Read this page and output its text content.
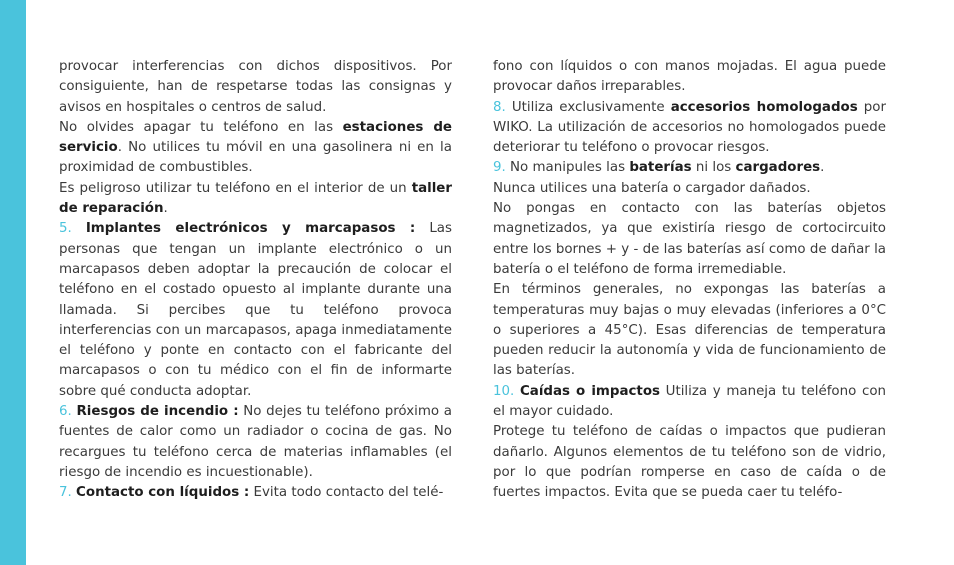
provocar interferencias con dichos dispositivos. Por consiguiente, han de respetarse todas las consignas y avisos en hospitales o centros de salud.

No olvides apagar tu teléfono en las estaciones de servicio. No utilices tu móvil en una gasolinera ni en la proximidad de combustibles.

Es peligroso utilizar tu teléfono en el interior de un taller de reparación.

5. Implantes electrónicos y marcapasos : Las personas que tengan un implante electrónico o un marcapasos deben adoptar la precaución de colocar el teléfono en el costado opuesto al implante durante una llamada. Si percibes que tu teléfono provoca interferencias con un marcapasos, apaga inmediatamente el teléfono y ponte en contacto con el fabricante del marcapasos o con tu médico con el fin de informarte sobre qué conducta adoptar.

6. Riesgos de incendio : No dejes tu teléfono próximo a fuentes de calor como un radiador o cocina de gas. No recargues tu teléfono cerca de materias inflamables (el riesgo de incendio es incuestionable).

7. Contacto con líquidos : Evita todo contacto del telé-

fono con líquidos o con manos mojadas. El agua puede provocar daños irreparables.

8. Utiliza exclusivamente accesorios homologados por WIKO. La utilización de accesorios no homologados puede deteriorar tu teléfono o provocar riesgos.

9. No manipules las baterías ni los cargadores.

Nunca utilices una batería o cargador dañados.

No pongas en contacto con las baterías objetos magnetizados, ya que existiría riesgo de cortocircuito entre los bornes + y - de las baterías así como de dañar la batería o el teléfono de forma irremediable.

En términos generales, no expongas las baterías a temperaturas muy bajas o muy elevadas (inferiores a 0°C o superiores a 45°C). Esas diferencias de temperatura pueden reducir la autonomía y vida de funcionamiento de las baterías.

10. Caídas o impactos Utiliza y maneja tu teléfono con el mayor cuidado.

Protege tu teléfono de caídas o impactos que pudieran dañarlo. Algunos elementos de tu teléfono son de vidrio, por lo que podrían romperse en caso de caída o de fuertes impactos. Evita que se pueda caer tu teléfo-
